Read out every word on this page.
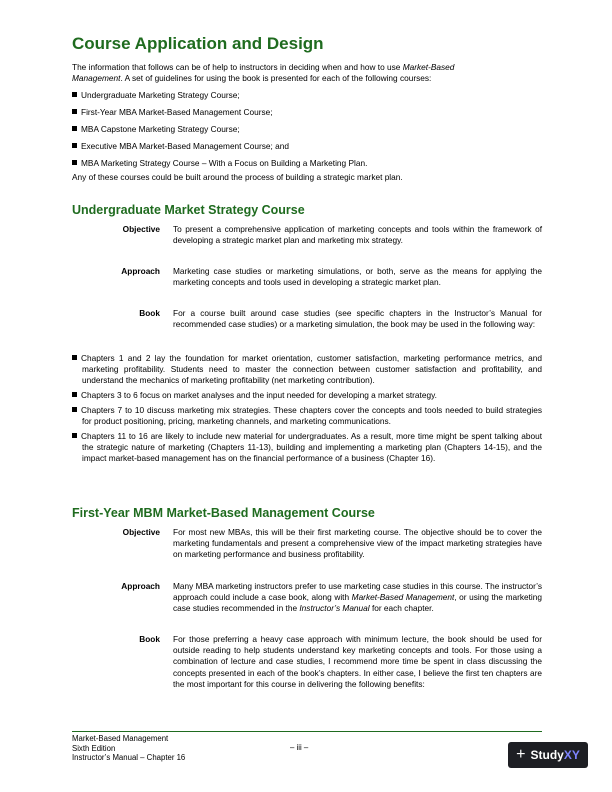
Course Application and Design
The information that follows can be of help to instructors in deciding when and how to use Market-Based
Management. A set of guidelines for using the book is presented for each of the following courses:
Undergraduate Marketing Strategy Course;
First-Year MBA Market-Based Management Course;
MBA Capstone Marketing Strategy Course;
Executive MBA Market-Based Management Course; and
MBA Marketing Strategy Course – With a Focus on Building a Marketing Plan.
Any of these courses could be built around the process of building a strategic market plan.
Undergraduate Market Strategy Course
Objective To present a comprehensive application of marketing concepts and tools within the framework of developing a strategic market plan and marketing mix strategy.
Approach Marketing case studies or marketing simulations, or both, serve as the means for applying the marketing concepts and tools used in developing a strategic market plan.
Book For a course built around case studies (see specific chapters in the Instructor’s Manual for recommended case studies) or a marketing simulation, the book may be used in the following way:
Chapters 1 and 2 lay the foundation for market orientation, customer satisfaction, marketing performance metrics, and marketing profitability. Students need to master the connection between customer satisfaction and profitability, and understand the mechanics of marketing profitability (net marketing contribution).
Chapters 3 to 6 focus on market analyses and the input needed for developing a market strategy.
Chapters 7 to 10 discuss marketing mix strategies. These chapters cover the concepts and tools needed to build strategies for product positioning, pricing, marketing channels, and marketing communications.
Chapters 11 to 16 are likely to include new material for undergraduates. As a result, more time might be spent talking about the strategic nature of marketing (Chapters 11-13), building and implementing a marketing plan (Chapters 14-15), and the impact market-based management has on the financial performance of a business (Chapter 16).
First-Year MBM Market-Based Management Course
Objective For most new MBAs, this will be their first marketing course. The objective should be to cover the marketing fundamentals and present a comprehensive view of the impact marketing strategies have on marketing performance and business profitability.
Approach Many MBA marketing instructors prefer to use marketing case studies in this course. The instructor’s approach could include a case book, along with Market-Based Management, or using the marketing case studies recommended in the Instructor’s Manual for each chapter.
Book For those preferring a heavy case approach with minimum lecture, the book should be used for outside reading to help students understand key marketing concepts and tools. For those using a combination of lecture and case studies, I recommend more time be spent in class discussing the concepts presented in each of the book’s chapters. In either case, I believe the first ten chapters are the most important for this course in delivering the following benefits:
Market-Based Management
Sixth Edition
Instructor’s Manual – Chapter 16
– iii –	+ Study XY
